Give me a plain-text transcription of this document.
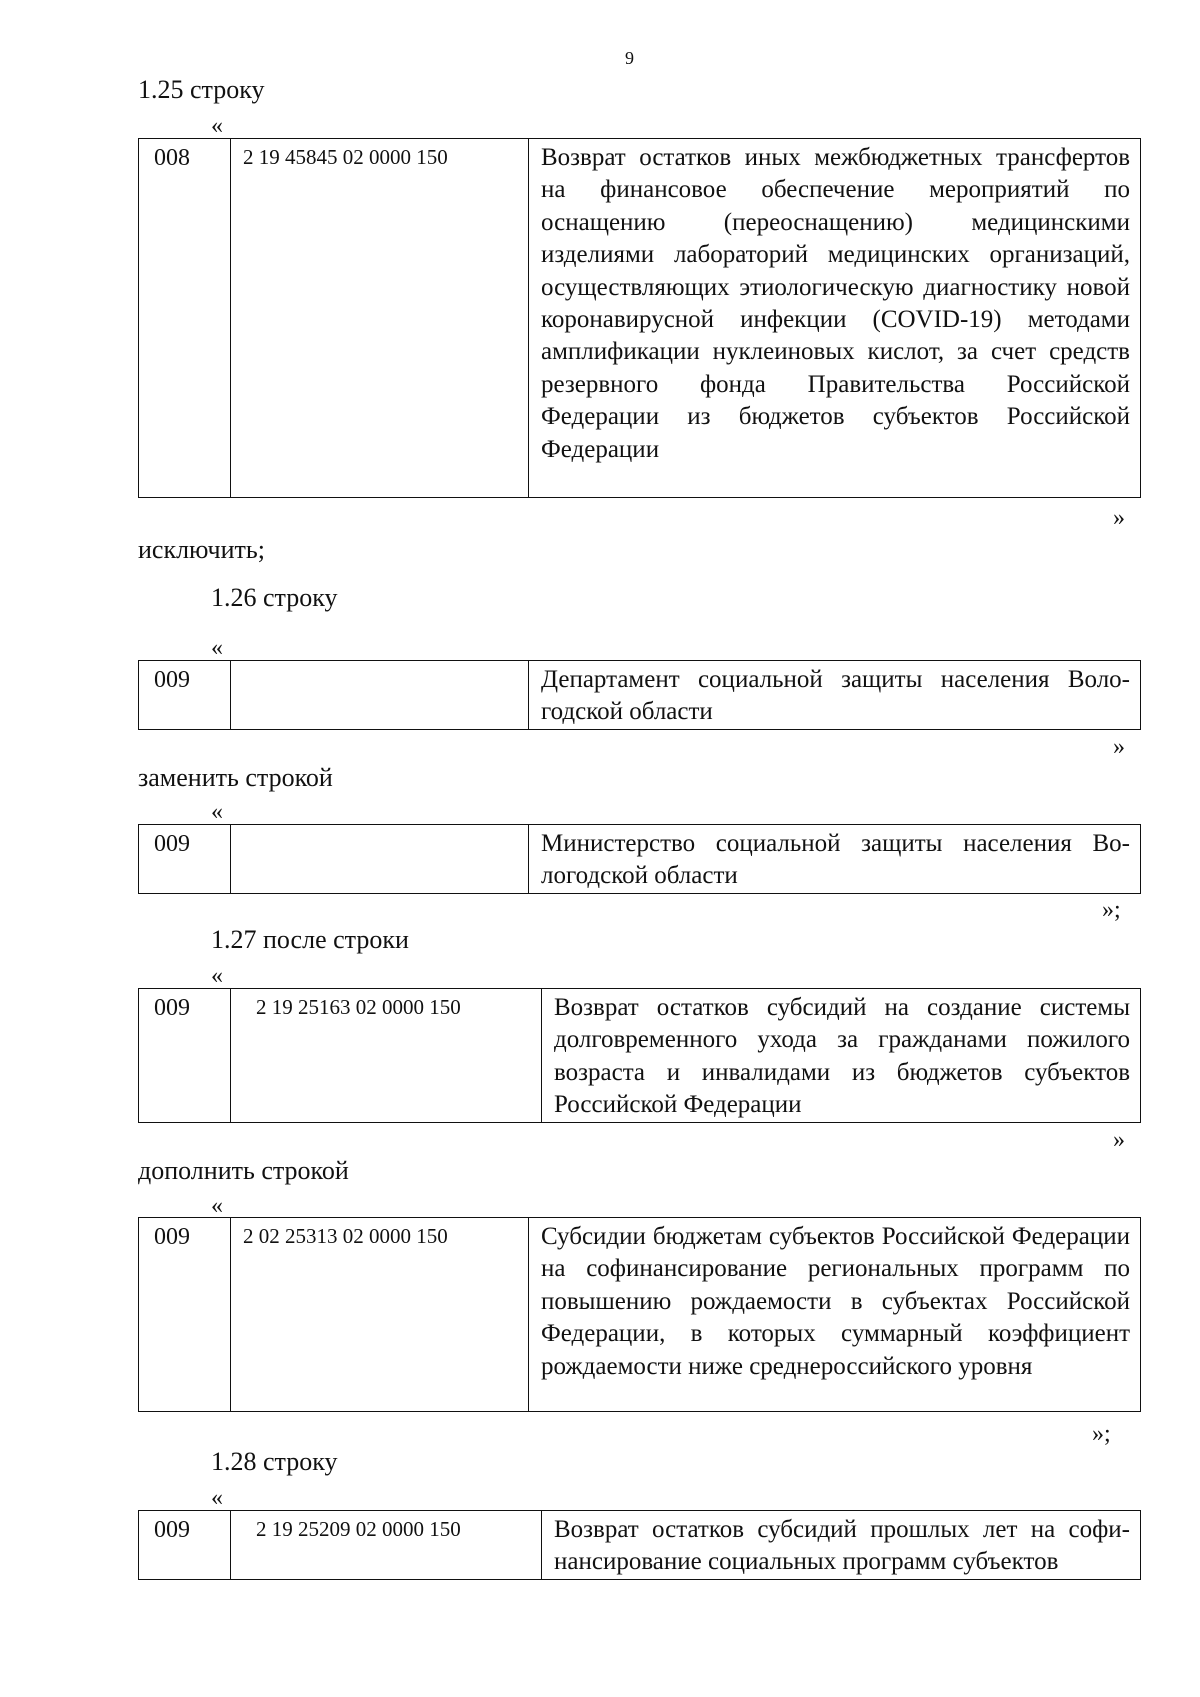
9
1.25 строку
«
008	2 19 45845 02 0000 150	Возврат остатков иных межбюджетных трансфертов на финансовое обеспечение мероприятий по оснащению (переоснащению) медицинскими изделиями лабораторий медицинских организаций, осуществляющих этиологическую диагностику новой коронавирусной инфекции (COVID-19) методами амплификации нуклеиновых кислот, за счет средств резервного фонда Правительства Российской Федерации из бюджетов субъектов Российской Федерации
»
исключить;
1.26 строку
«
009		Департамент социальной защиты населения Вологодской области
»
заменить строкой
«
009		Министерство социальной защиты населения Вологодской области
»;
1.27 после строки
«
009	2 19 25163 02 0000 150	Возврат остатков субсидий на создание системы долговременного ухода за гражданами пожилого возраста и инвалидами из бюджетов субъектов Российской Федерации
»
дополнить строкой
«
009	2 02 25313 02 0000 150	Субсидии бюджетам субъектов Российской Федерации на софинансирование региональных программ по повышению рождаемости в субъектах Российской Федерации, в которых суммарный коэффициент рождаемости ниже среднероссийского уровня
»;
1.28 строку
«
009	2 19 25209 02 0000 150	Возврат остатков субсидий прошлых лет на софинансирование социальных программ субъектов
